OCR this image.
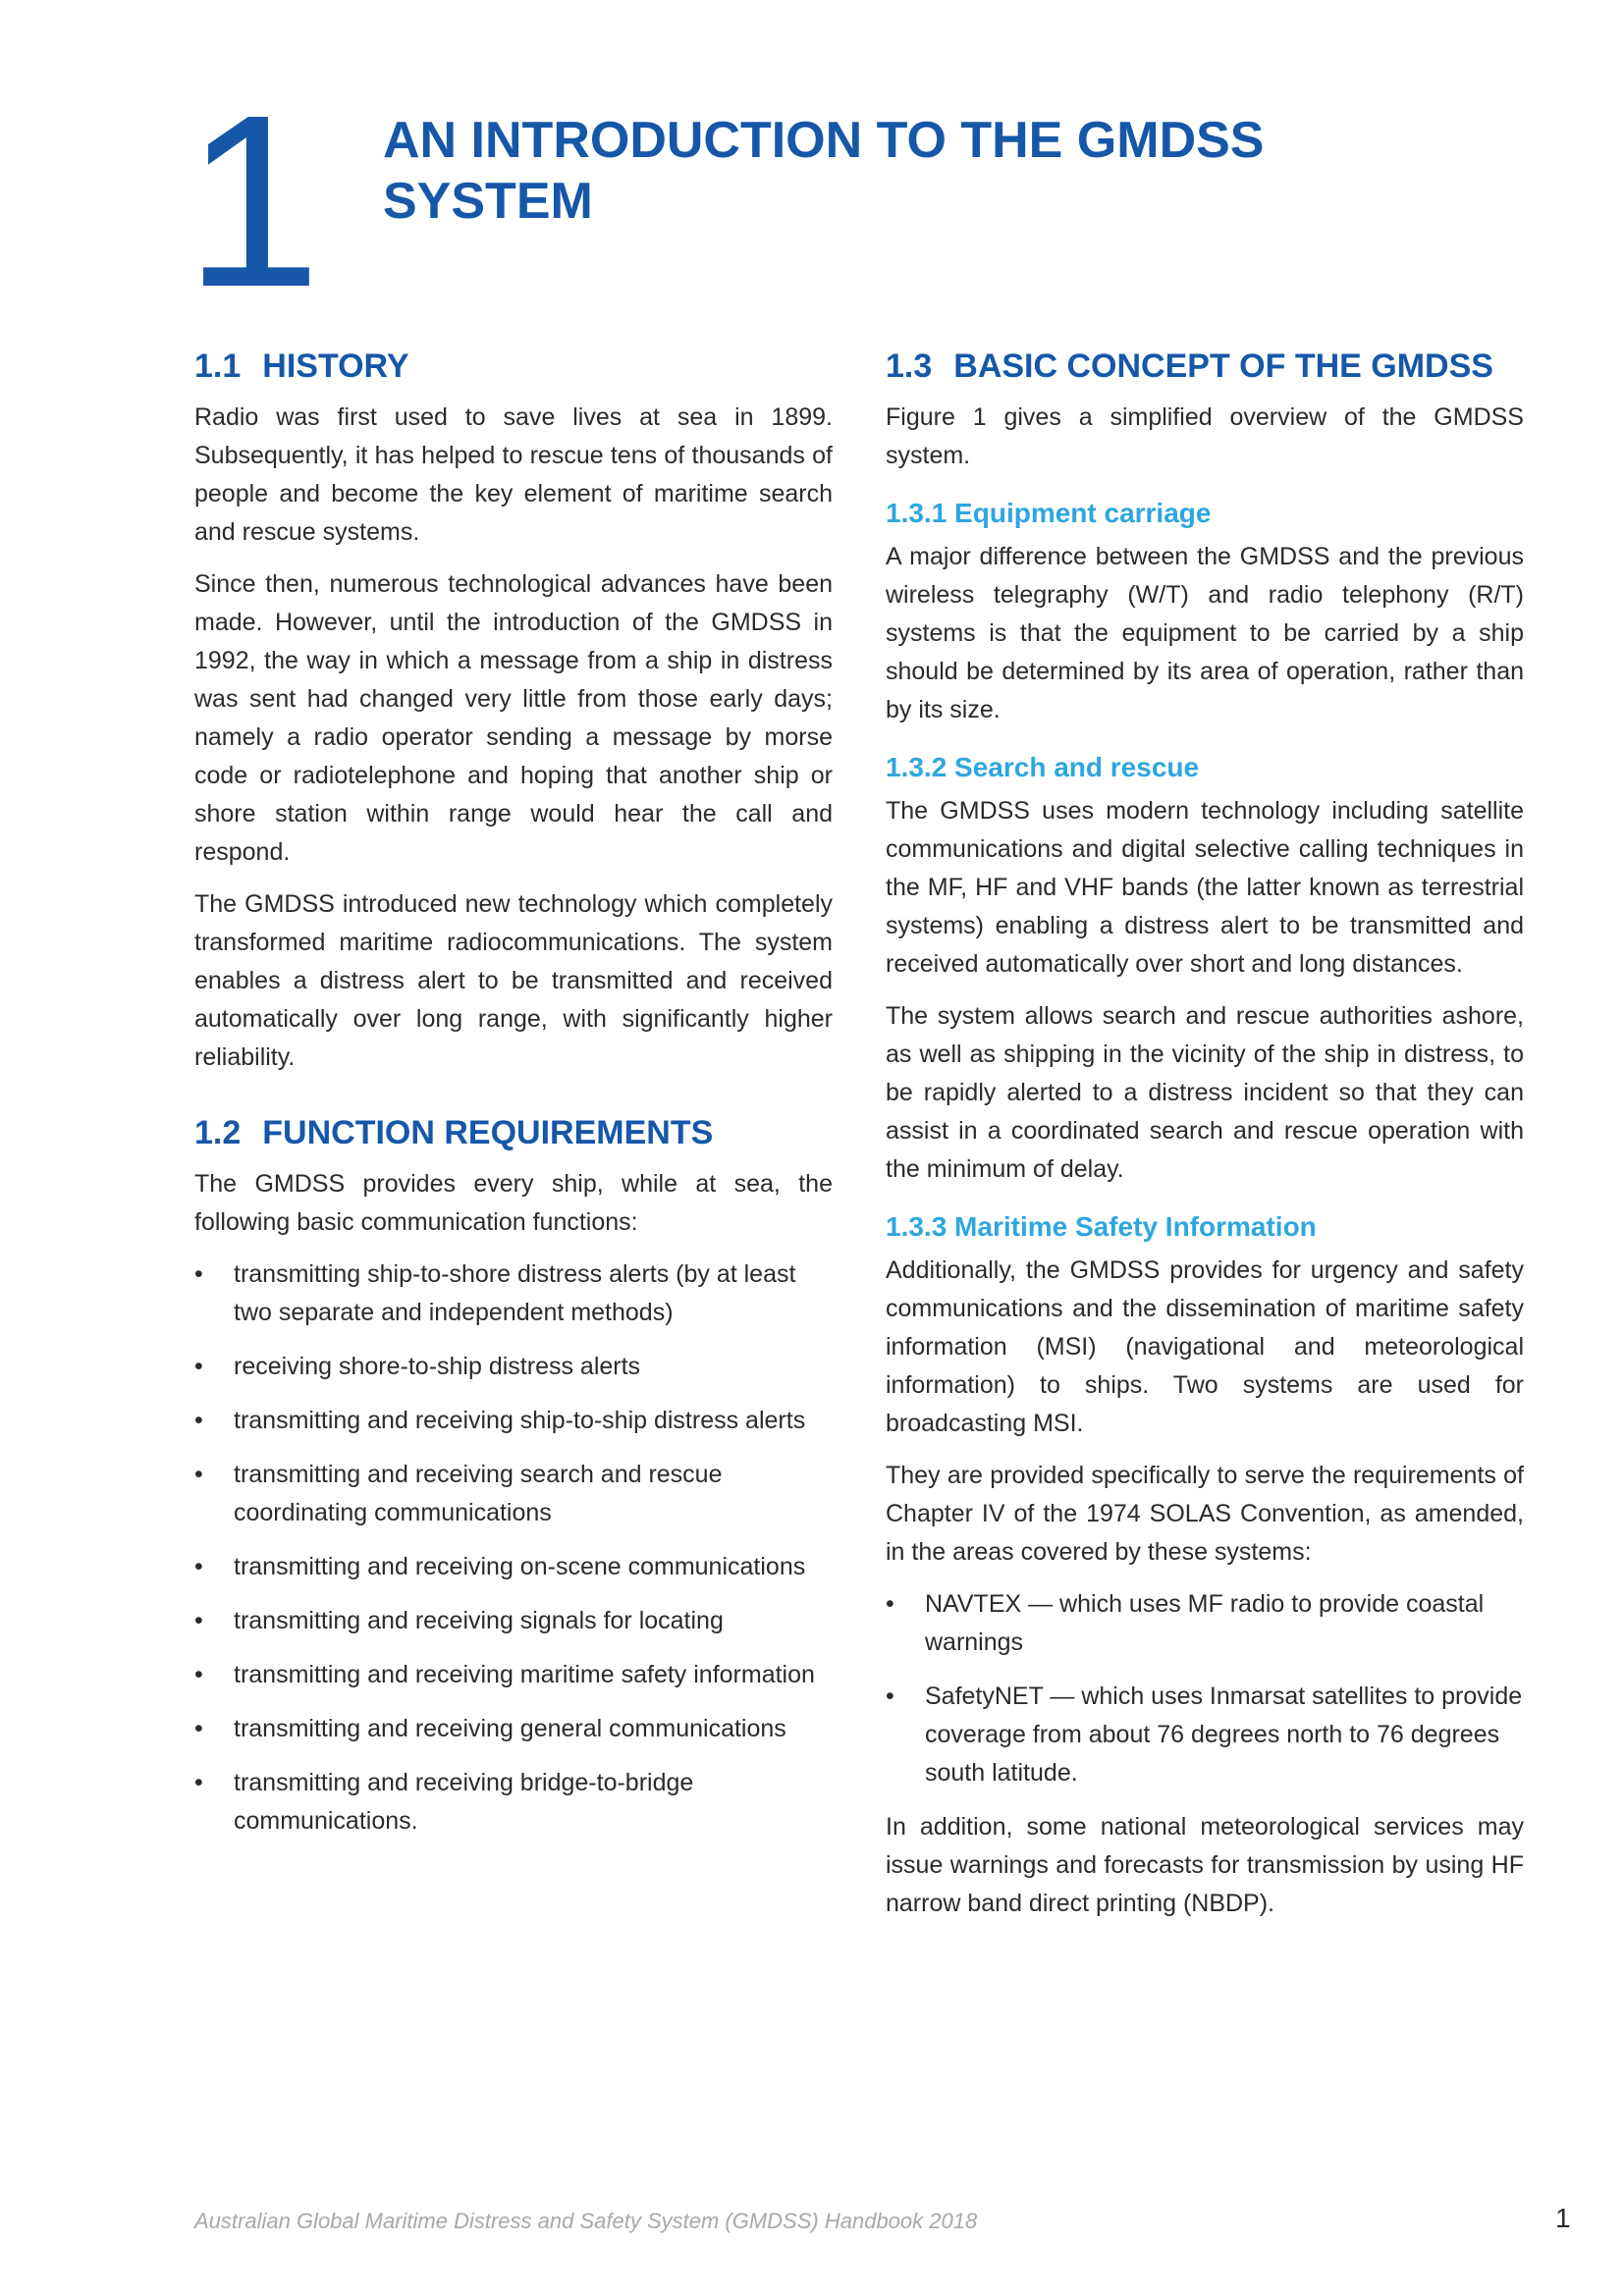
1 AN INTRODUCTION TO THE GMDSS SYSTEM
1.1 HISTORY

Radio was first used to save lives at sea in 1899. Subsequently, it has helped to rescue tens of thousands of people and become the key element of maritime search and rescue systems.

Since then, numerous technological advances have been made. However, until the introduction of the GMDSS in 1992, the way in which a message from a ship in distress was sent had changed very little from those early days; namely a radio operator sending a message by morse code or radiotelephone and hoping that another ship or shore station within range would hear the call and respond.

The GMDSS introduced new technology which completely transformed maritime radiocommunications. The system enables a distress alert to be transmitted and received automatically over long range, with significantly higher reliability.

1.2 FUNCTION REQUIREMENTS

The GMDSS provides every ship, while at sea, the following basic communication functions:

• transmitting ship-to-shore distress alerts (by at least two separate and independent methods)
• receiving shore-to-ship distress alerts
• transmitting and receiving ship-to-ship distress alerts
• transmitting and receiving search and rescue coordinating communications
• transmitting and receiving on-scene communications
• transmitting and receiving signals for locating
• transmitting and receiving maritime safety information
• transmitting and receiving general communications
• transmitting and receiving bridge-to-bridge communications.
1.3 BASIC CONCEPT OF THE GMDSS

Figure 1 gives a simplified overview of the GMDSS system.

1.3.1 Equipment carriage

A major difference between the GMDSS and the previous wireless telegraphy (W/T) and radio telephony (R/T) systems is that the equipment to be carried by a ship should be determined by its area of operation, rather than by its size.

1.3.2 Search and rescue

The GMDSS uses modern technology including satellite communications and digital selective calling techniques in the MF, HF and VHF bands (the latter known as terrestrial systems) enabling a distress alert to be transmitted and received automatically over short and long distances.

The system allows search and rescue authorities ashore, as well as shipping in the vicinity of the ship in distress, to be rapidly alerted to a distress incident so that they can assist in a coordinated search and rescue operation with the minimum of delay.

1.3.3 Maritime Safety Information

Additionally, the GMDSS provides for urgency and safety communications and the dissemination of maritime safety information (MSI) (navigational and meteorological information) to ships. Two systems are used for broadcasting MSI.

They are provided specifically to serve the requirements of Chapter IV of the 1974 SOLAS Convention, as amended, in the areas covered by these systems:

• NAVTEX — which uses MF radio to provide coastal warnings
• SafetyNET — which uses Inmarsat satellites to provide coverage from about 76 degrees north to 76 degrees south latitude.

In addition, some national meteorological services may issue warnings and forecasts for transmission by using HF narrow band direct printing (NBDP).

Australian Global Maritime Distress and Safety System (GMDSS) Handbook 2018	1
